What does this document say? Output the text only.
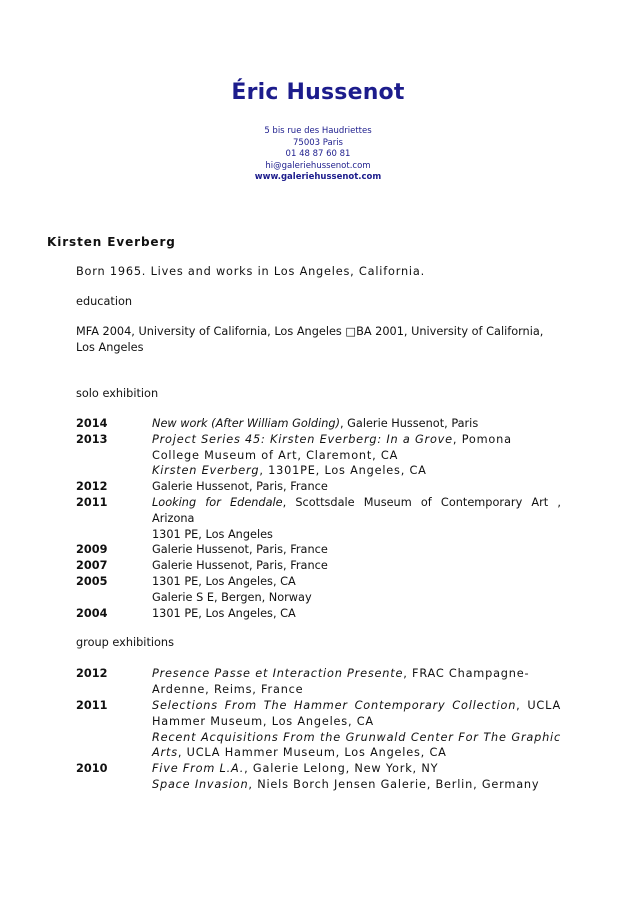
Éric Hussenot
5 bis rue des Haudriettes
75003 Paris
01 48 87 60 81
hi@galeriehussenot.com
www.galeriehussenot.com
Kirsten Everberg
Born 1965. Lives and works in Los Angeles, California.
education
MFA 2004, University of California, Los Angeles □BA 2001, University of California, Los Angeles
solo exhibition
2014	New work (After William Golding), Galerie Hussenot, Paris

2013	Project Series 45: Kirsten Everberg: In a Grove, Pomona College Museum of Art, Claremont, CA

Kirsten Everberg, 1301PE, Los Angeles, CA

2012	Galerie Hussenot, Paris, France

2011	Looking for Edendale, Scottsdale Museum of Contemporary Art , Arizona

1301 PE, Los Angeles

2009	Galerie Hussenot, Paris, France

2007	Galerie Hussenot, Paris, France

2005	1301 PE, Los Angeles, CA

Galerie S E, Bergen, Norway

2004	1301 PE, Los Angeles, CA

group exhibitions
2012	Presence Passe et Interaction Presente, FRAC Champagne-Ardenne, Reims, France

2011	Selections From The Hammer Contemporary Collection, UCLA Hammer Museum, Los Angeles, CA

Recent Acquisitions From the Grunwald Center For The Graphic Arts, UCLA Hammer Museum, Los Angeles, CA

2010	Five From L.A., Galerie Lelong, New York, NY

Space Invasion, Niels Borch Jensen Galerie, Berlin, Germany
